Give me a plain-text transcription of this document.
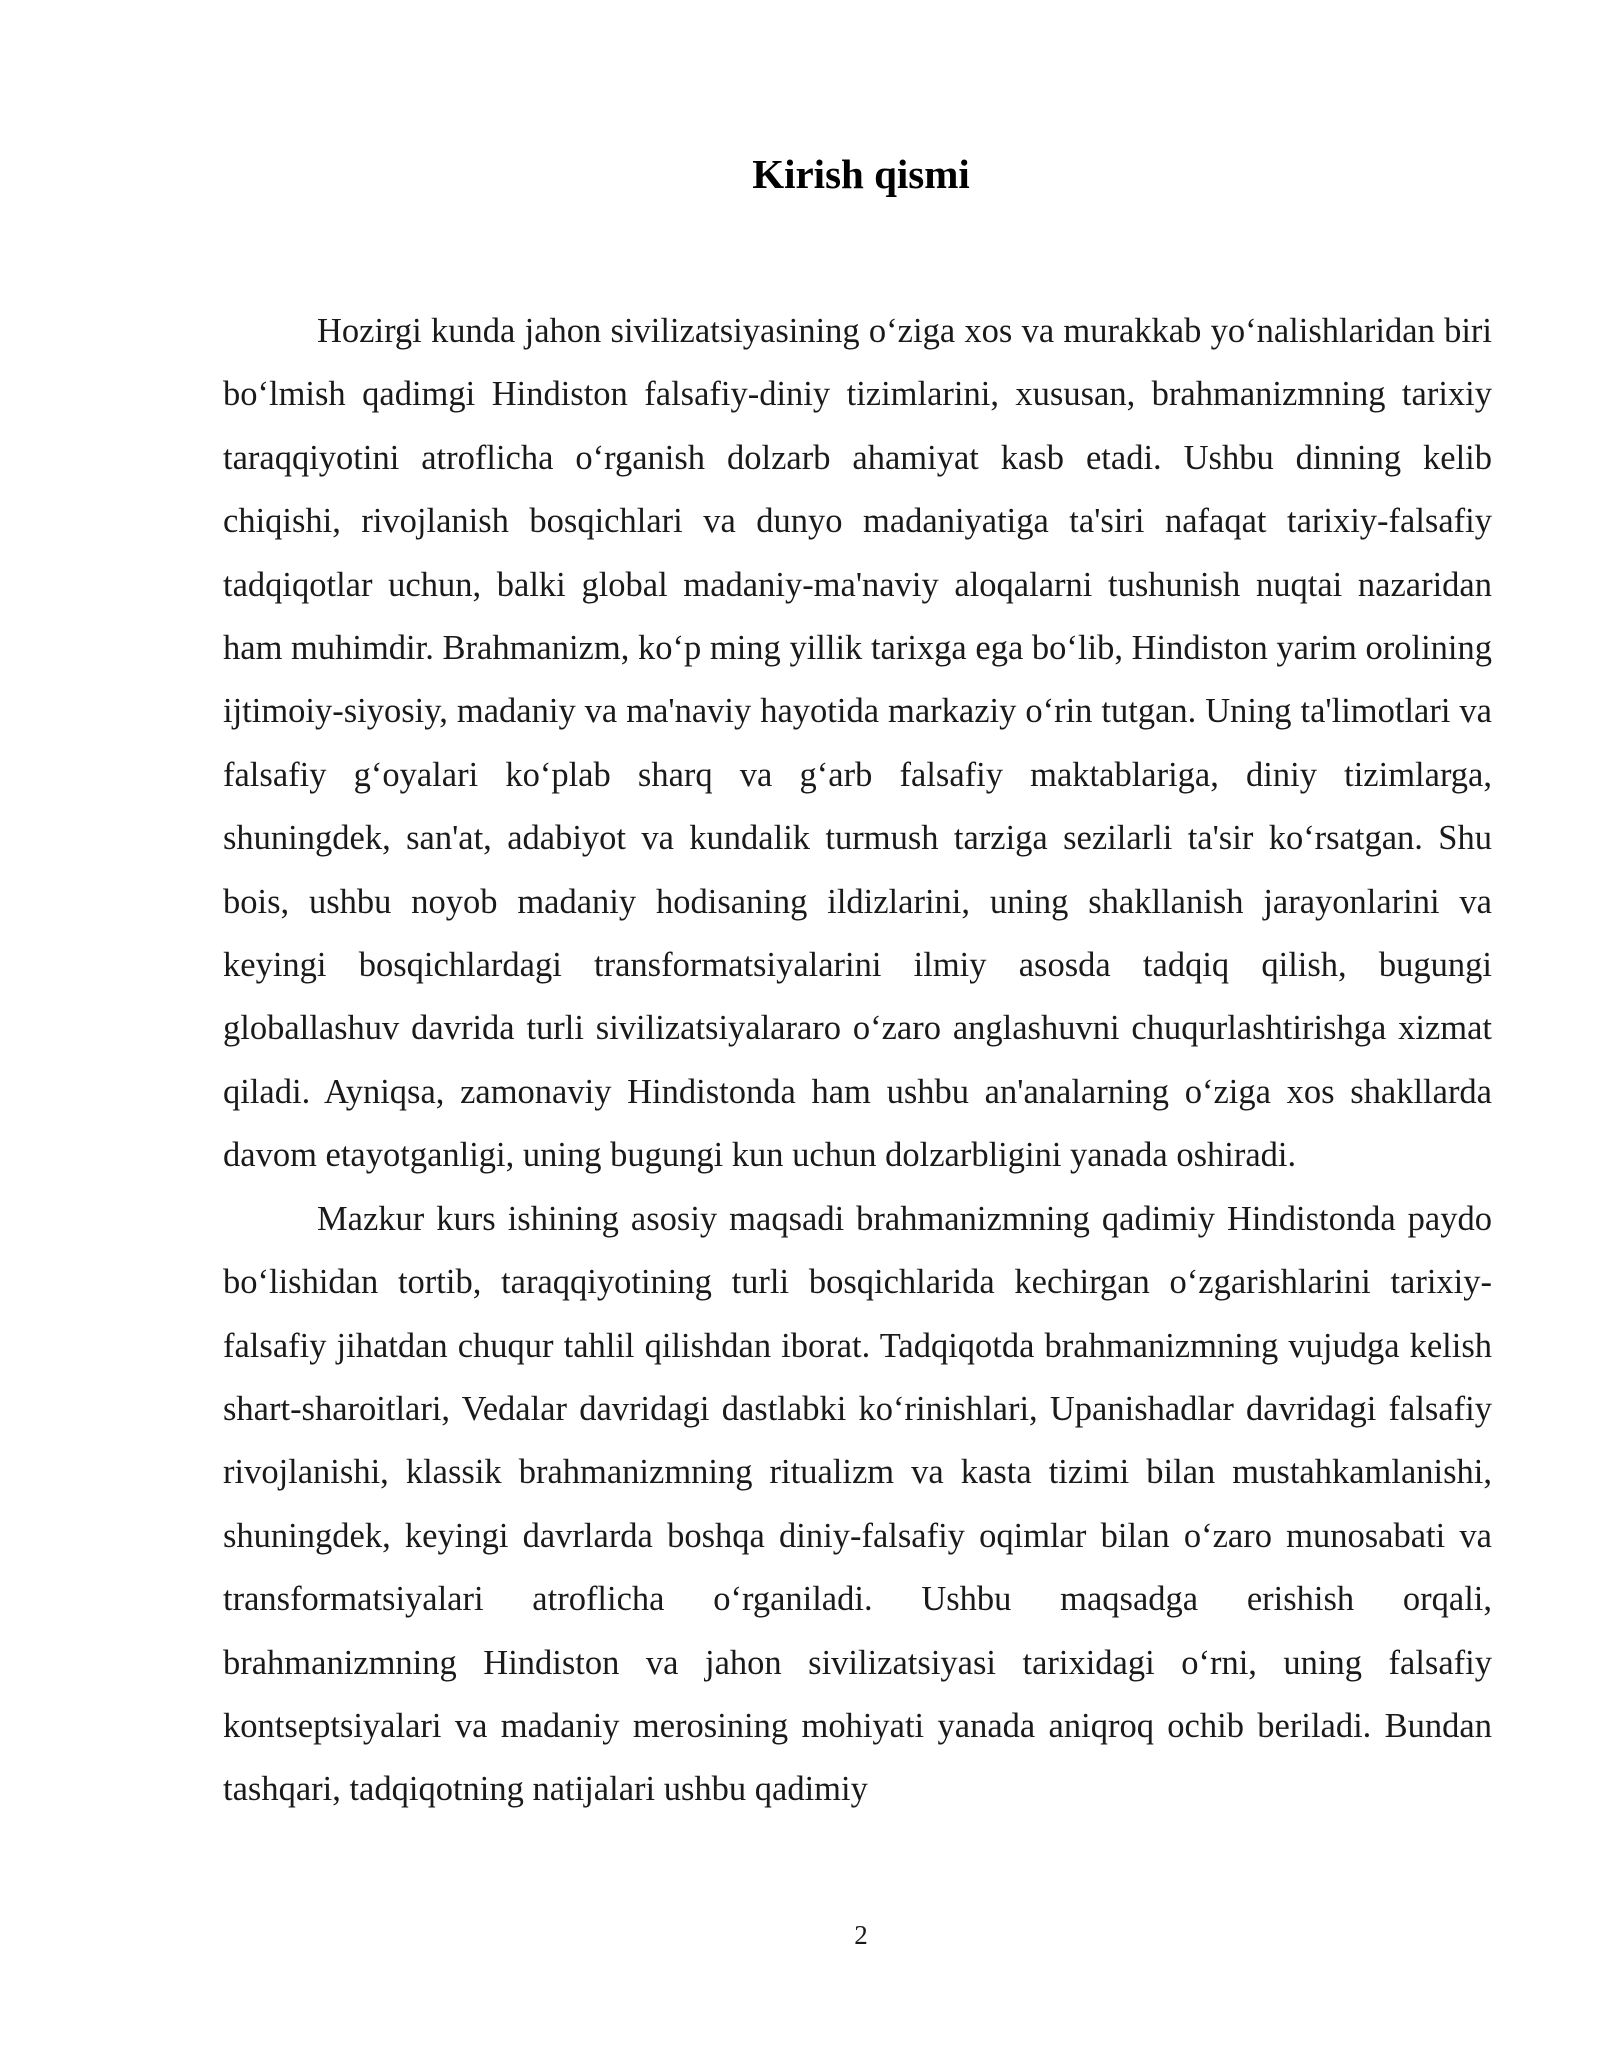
Kirish qismi

Hozirgi kunda jahon sivilizatsiyasining o‘ziga xos va murakkab yo‘nalishlaridan biri bo‘lmish qadimgi Hindiston falsafiy-diniy tizimlarini, xususan, brahmanizmning tarixiy taraqqiyotini atroflicha o‘rganish dolzarb ahamiyat kasb etadi. Ushbu dinning kelib chiqishi, rivojlanish bosqichlari va dunyo madaniyatiga ta'siri nafaqat tarixiy-falsafiy tadqiqotlar uchun, balki global madaniy-ma'naviy aloqalarni tushunish nuqtai nazaridan ham muhimdir. Brahmanizm, ko‘p ming yillik tarixga ega bo‘lib, Hindiston yarim orolining ijtimoiy-siyosiy, madaniy va ma'naviy hayotida markaziy o‘rin tutgan. Uning ta'limotlari va falsafiy g‘oyalari ko‘plab sharq va g‘arb falsafiy maktablariga, diniy tizimlarga, shuningdek, san'at, adabiyot va kundalik turmush tarziga sezilarli ta'sir ko‘rsatgan. Shu bois, ushbu noyob madaniy hodisaning ildizlarini, uning shakllanish jarayonlarini va keyingi bosqichlardagi transformatsiyalarini ilmiy asosda tadqiq qilish, bugungi globallashuv davrida turli sivilizatsiyalararo o‘zaro anglashuvni chuqurlashtirishga xizmat qiladi. Ayniqsa, zamonaviy Hindistonda ham ushbu an'analarning o‘ziga xos shakllarda davom etayotganligi, uning bugungi kun uchun dolzarbligini yanada oshiradi.

Mazkur kurs ishining asosiy maqsadi brahmanizmning qadimiy Hindistonda paydo bo‘lishidan tortib, taraqqiyotining turli bosqichlarida kechirgan o‘zgarishlarini tarixiy-falsafiy jihatdan chuqur tahlil qilishdan iborat. Tadqiqotda brahmanizmning vujudga kelish shart-sharoitlari, Vedalar davridagi dastlabki ko‘rinishlari, Upanishadlar davridagi falsafiy rivojlanishi, klassik brahmanizmning ritualizm va kasta tizimi bilan mustahkamlanishi, shuningdek, keyingi davrlarda boshqa diniy-falsafiy oqimlar bilan o‘zaro munosabati va transformatsiyalari atroflicha o‘rganiladi. Ushbu maqsadga erishish orqali, brahmanizmning Hindiston va jahon sivilizatsiyasi tarixidagi o‘rni, uning falsafiy kontseptsiyalari va madaniy merosining mohiyati yanada aniqroq ochib beriladi. Bundan tashqari, tadqiqotning natijalari ushbu qadimiy

2
